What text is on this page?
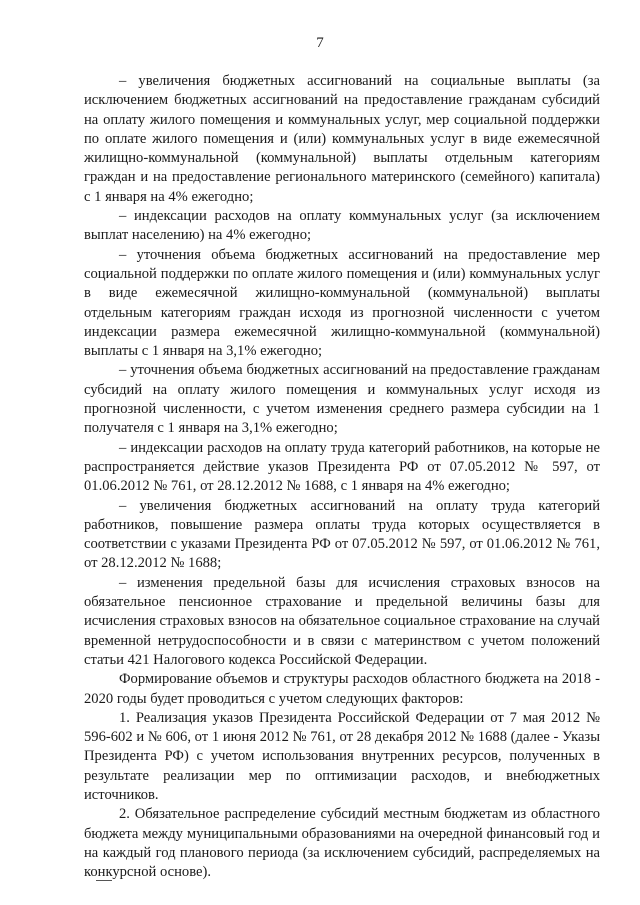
7

– увеличения бюджетных ассигнований на социальные выплаты (за исключением бюджетных ассигнований на предоставление гражданам субсидий на оплату жилого помещения и коммунальных услуг, мер социальной поддержки по оплате жилого помещения и (или) коммунальных услуг в виде ежемесячной жилищно-коммунальной (коммунальной) выплаты отдельным категориям граждан и на предоставление регионального материнского (семейного) капитала) с 1 января на 4% ежегодно;

– индексации расходов на оплату коммунальных услуг (за исключением выплат населению) на 4% ежегодно;

– уточнения объема бюджетных ассигнований на предоставление мер социальной поддержки по оплате жилого помещения и (или) коммунальных услуг в виде ежемесячной жилищно-коммунальной (коммунальной) выплаты отдельным категориям граждан исходя из прогнозной численности с учетом индексации размера ежемесячной жилищно-коммунальной (коммунальной) выплаты с 1 января на 3,1% ежегодно;

– уточнения объема бюджетных ассигнований на предоставление гражданам субсидий на оплату жилого помещения и коммунальных услуг исходя из прогнозной численности, с учетом изменения среднего размера субсидии на 1 получателя с 1 января на 3,1% ежегодно;

– индексации расходов на оплату труда категорий работников, на которые не распространяется действие указов Президента РФ от 07.05.2012 № 597, от 01.06.2012 № 761, от 28.12.2012 № 1688, с 1 января на 4% ежегодно;

– увеличения бюджетных ассигнований на оплату труда категорий работников, повышение размера оплаты труда которых осуществляется в соответствии с указами Президента РФ от 07.05.2012 № 597, от 01.06.2012 № 761, от 28.12.2012 № 1688;

– изменения предельной базы для исчисления страховых взносов на обязательное пенсионное страхование и предельной величины базы для исчисления страховых взносов на обязательное социальное страхование на случай временной нетрудоспособности и в связи с материнством с учетом положений статьи 421 Налогового кодекса Российской Федерации.

Формирование объемов и структуры расходов областного бюджета на 2018 - 2020 годы будет проводиться с учетом следующих факторов:

1. Реализация указов Президента Российской Федерации от 7 мая 2012 № 596-602 и № 606, от 1 июня 2012 № 761, от 28 декабря 2012 № 1688 (далее - Указы Президента РФ) с учетом использования внутренних ресурсов, полученных в результате реализации мер по оптимизации расходов, и внебюджетных источников.

2. Обязательное распределение субсидий местным бюджетам из областного бюджета между муниципальными образованиями на очередной финансовый год и на каждый год планового периода (за исключением субсидий, распределяемых на конкурсной основе).
